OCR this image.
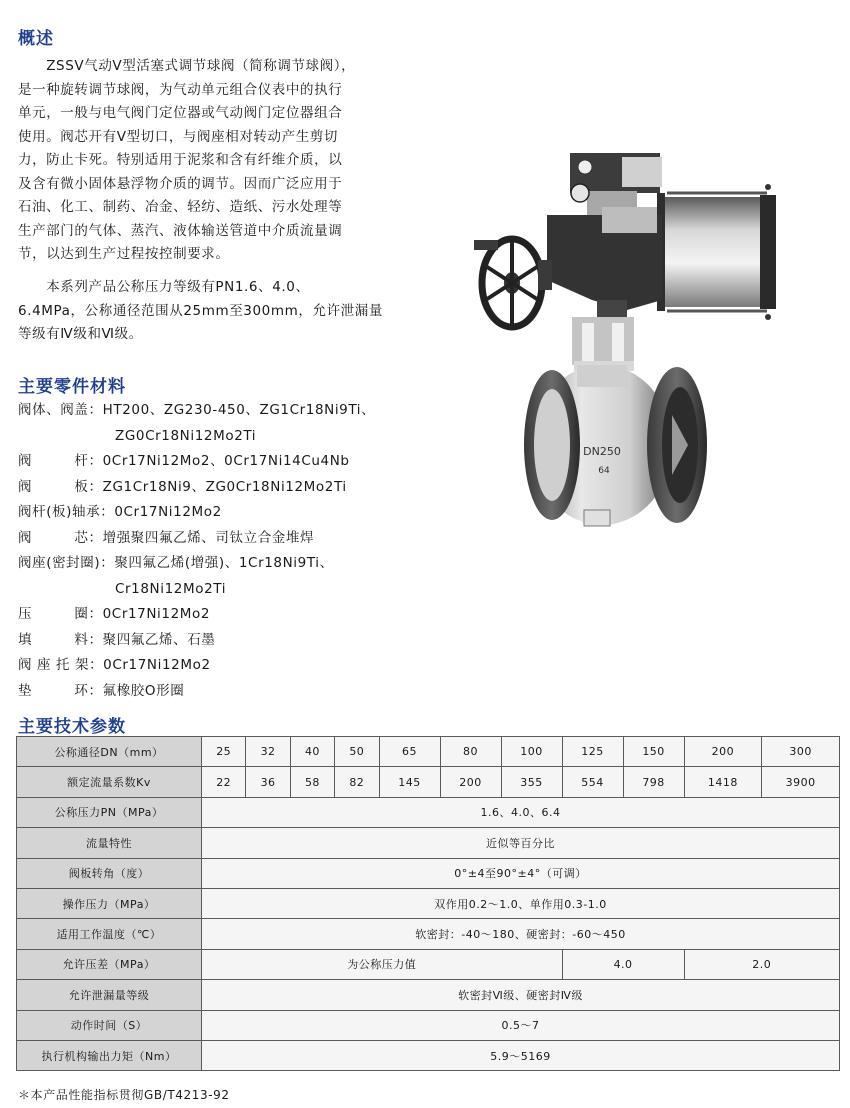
概述
　　ZSSV气动V型活塞式调节球阀（简称调节球阀），
是一种旋转调节球阀，为气动单元组合仪表中的执行
单元，一般与电气阀门定位器或气动阀门定位器组合
使用。阀芯开有V型切口，与阀座相对转动产生剪切
力，防止卡死。特别适用于泥浆和含有纤维介质，以
及含有微小固体悬浮物介质的调节。因而广泛应用于
石油、化工、制药、冶金、轻纺、造纸、污水处理等
生产部门的气体、蒸汽、液体输送管道中介质流量调
节，以达到生产过程按控制要求。
　　本系列产品公称压力等级有PN1.6、4.0、
6.4MPa，公称通径范围从25mm至300mm，允许泄漏量
等级有Ⅳ级和Ⅵ级。
主要零件材料
阀体、阀盖：HT200、ZG230-450、ZG1Cr18Ni9Ti、
ZG0Cr18Ni12Mo2Ti
阀　　　杆：0Cr17Ni12Mo2、0Cr17Ni14Cu4Nb
阀　　　板：ZG1Cr18Ni9、ZG0Cr18Ni12Mo2Ti
阀杆(板)轴承：0Cr17Ni12Mo2
阀　　　芯：增强聚四氟乙烯、司钛立合金堆焊
阀座(密封圈)：聚四氟乙烯(增强)、1Cr18Ni9Ti、
Cr18Ni12Mo2Ti
压　　　圈：0Cr17Ni12Mo2
填　　　料：聚四氟乙烯、石墨
阀 座 托 架：0Cr17Ni12Mo2
垫　　　环：氟橡胶O形圈
DN250
64
主要技术参数
公称通径DN（mm）	25	32	40	50	65	80	100	125	150	200	300
额定流量系数Kv	22	36	58	82	145	200	355	554	798	1418	3900
公称压力PN（MPa）	1.6、4.0、6.4										
流量特性	近似等百分比										
阀板转角（度）	0°±4至90°±4°（可调）										
操作压力（MPa）	双作用0.2～1.0、单作用0.3-1.0										
适用工作温度（℃）	软密封：-40～180、硬密封：-60～450										
允许压差（MPa）	为公称压力值							4.0		2.0	
允许泄漏量等级	软密封Ⅵ级、硬密封Ⅳ级										
动作时间（S）	0.5～7										
执行机构输出力矩（Nm）	5.9～5169										
＊本产品性能指标贯彻GB/T4213-92
